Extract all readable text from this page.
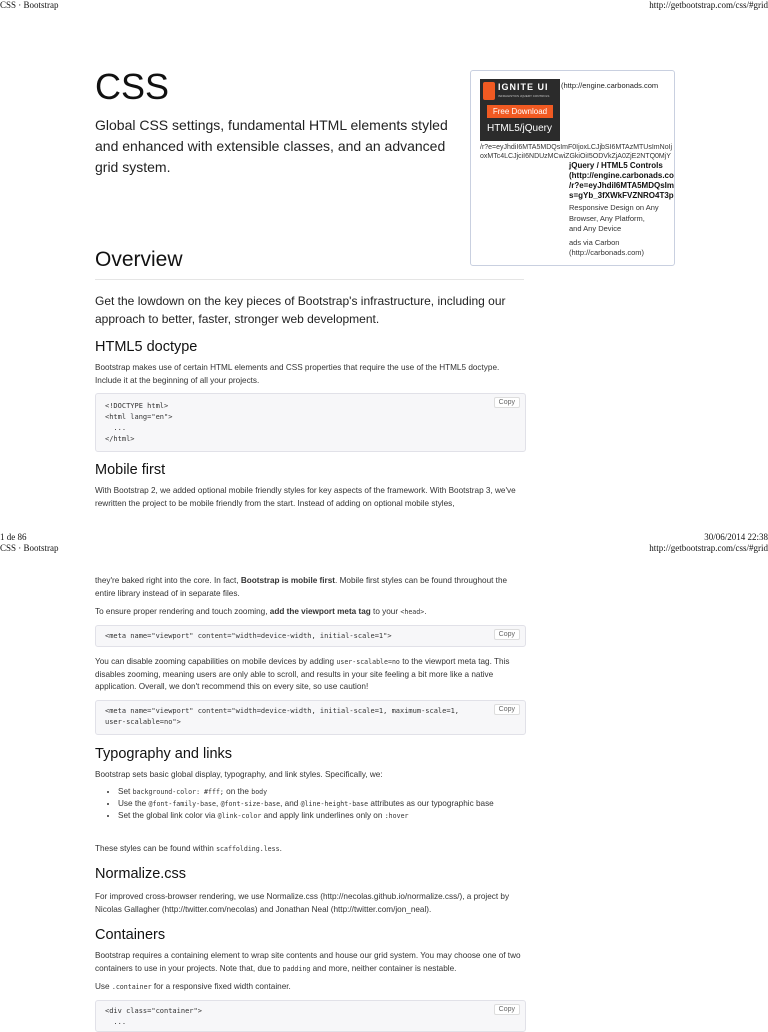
CSS · Bootstrap	http://getbootstrap.com/css/#grid
CSS
Global CSS settings, fundamental HTML elements styled and enhanced with extensible classes, and an advanced grid system.
IGNITE UI
INFRAGISTICS JQUERY CONTROLS
Free Download
HTML5/jQuery
(http://engine.carbonads.com
/r?e=eyJhdiI6MTA5MDQsImF0IjoxLCJjbSI6MTAzMTUsImNoIjoxMTc4LCJjciI6NDUzMCwiZGkiOiI5ODVkZjA0ZjE2NTQ0MjY
jQuery / HTML5 Controls
(http://engine.carbonads.co
/r?e=eyJhdiI6MTA5MDQsIm
s=gYb_3fXWkFVZNRO4T3p
Responsive Design on Any Browser, Any Platform, and Any Device
ads via Carbon
(http://carbonads.com)
Overview
Get the lowdown on the key pieces of Bootstrap's infrastructure, including our approach to better, faster, stronger web development.
HTML5 doctype
Bootstrap makes use of certain HTML elements and CSS properties that require the use of the HTML5 doctype. Include it at the beginning of all your projects.
Copy
<!DOCTYPE html>
<html lang="en">
...
</html>
Mobile first
With Bootstrap 2, we added optional mobile friendly styles for key aspects of the framework. With Bootstrap 3, we've rewritten the project to be mobile friendly from the start. Instead of adding on optional mobile styles,
1 de 86	30/06/2014 22:38
CSS · Bootstrap	http://getbootstrap.com/css/#grid
they're baked right into the core. In fact, Bootstrap is mobile first. Mobile first styles can be found throughout the entire library instead of in separate files.
To ensure proper rendering and touch zooming, add the viewport meta tag to your <head>.
Copy
<meta name="viewport" content="width=device-width, initial-scale=1">
You can disable zooming capabilities on mobile devices by adding user-scalable=no to the viewport meta tag. This disables zooming, meaning users are only able to scroll, and results in your site feeling a bit more like a native application. Overall, we don't recommend this on every site, so use caution!
Copy
<meta name="viewport" content="width=device-width, initial-scale=1, maximum-scale=1,
user-scalable=no">
Typography and links
Bootstrap sets basic global display, typography, and link styles. Specifically, we:
• Set background-color: #fff; on the body
• Use the @font-family-base, @font-size-base, and @line-height-base attributes as our typographic base
• Set the global link color via @link-color and apply link underlines only on :hover
These styles can be found within scaffolding.less.
Normalize.css
For improved cross-browser rendering, we use Normalize.css (http://necolas.github.io/normalize.css/), a project by Nicolas Gallagher (http://twitter.com/necolas) and Jonathan Neal (http://twitter.com/jon_neal).
Containers
Bootstrap requires a containing element to wrap site contents and house our grid system. You may choose one of two containers to use in your projects. Note that, due to padding and more, neither container is nestable.
Use .container for a responsive fixed width container.
Copy
<div class="container">
...
